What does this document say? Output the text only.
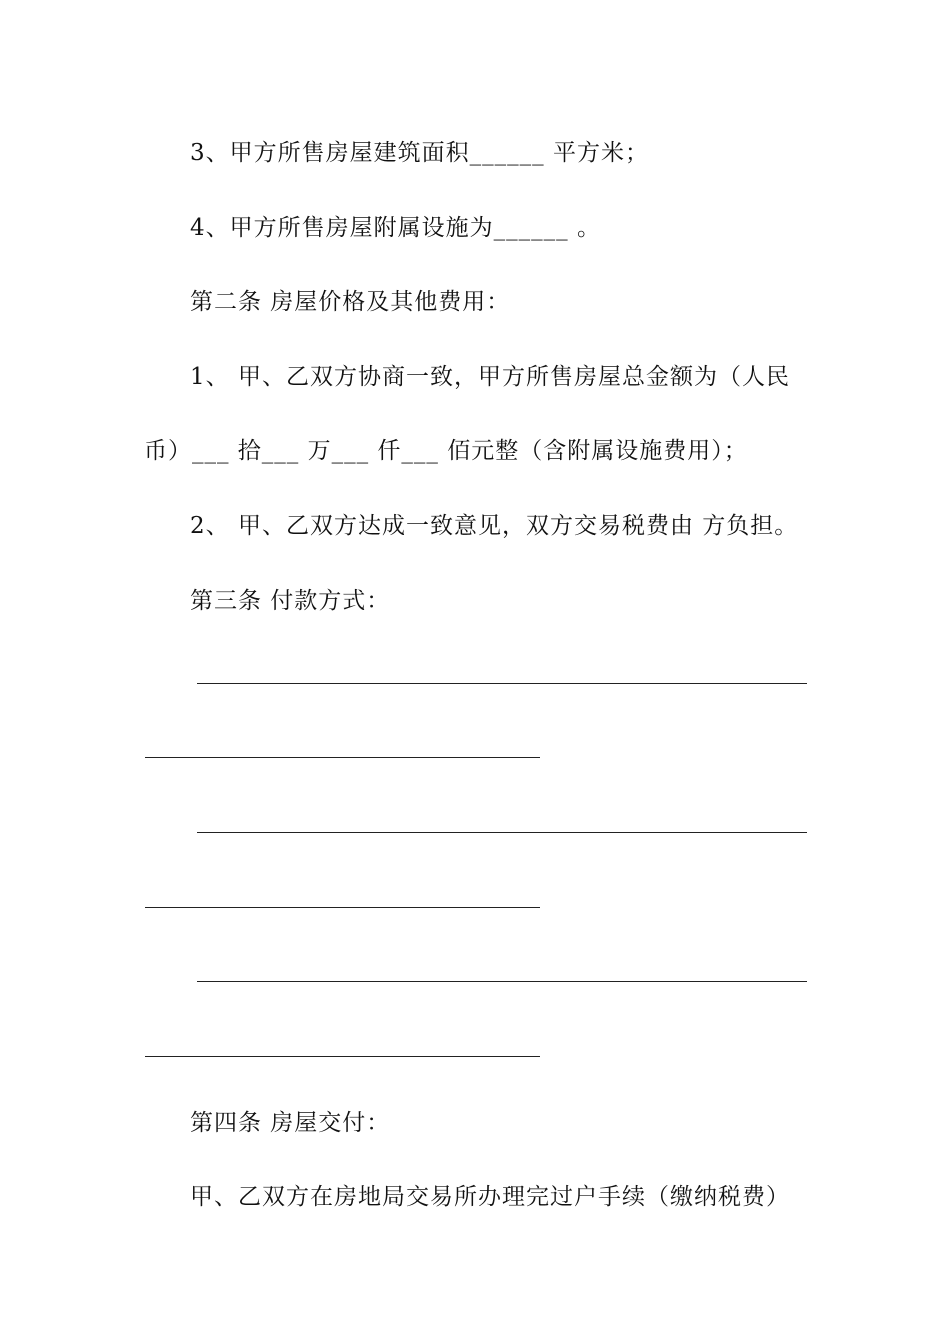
3、甲方所售房屋建筑面积______ 平方米；
4、甲方所售房屋附属设施为______ 。
第二条 房屋价格及其他费用：
1、 甲、乙双方协商一致，甲方所售房屋总金额为（人民
币）___ 拾___ 万___ 仟___ 佰元整（含附属设施费用）；
2、 甲、乙双方达成一致意见，双方交易税费由 方负担。
第三条 付款方式：
第四条 房屋交付：
甲、乙双方在房地局交易所办理完过户手续（缴纳税费）
